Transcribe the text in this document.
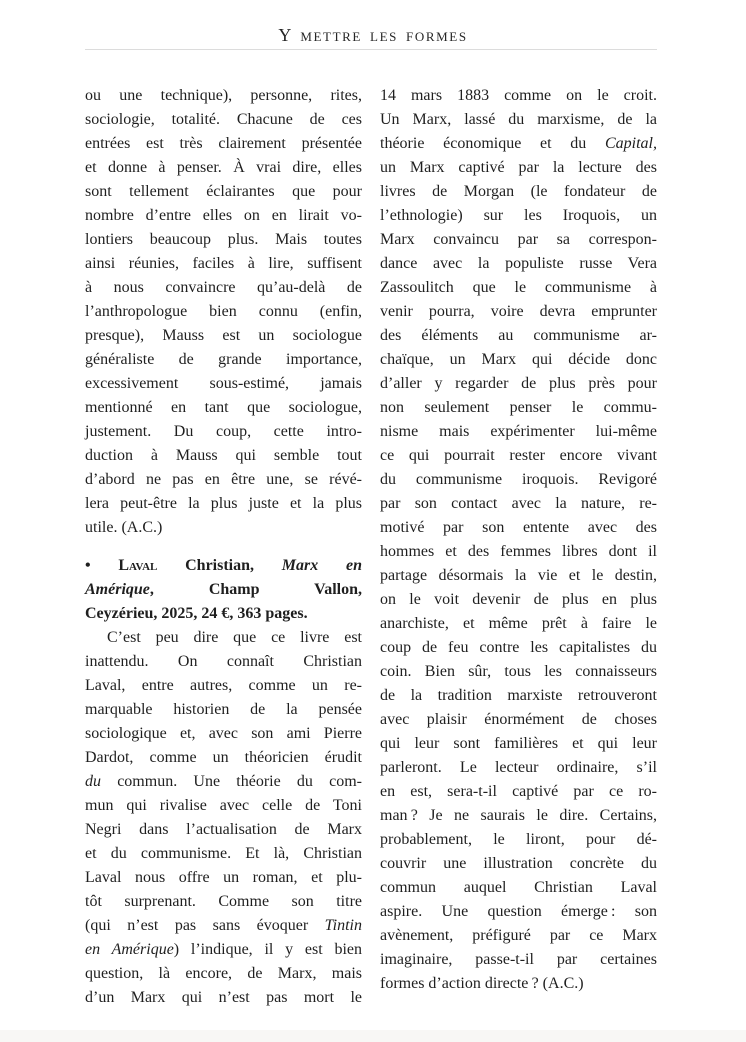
Y mettre les formes
ou une technique), personne, rites,
sociologie, totalité. Chacune de ces
entrées est très clairement présentée
et donne à penser. À vrai dire, elles
sont tellement éclairantes que pour
nombre d’entre elles on en lirait vo-
lontiers beaucoup plus. Mais toutes
ainsi réunies, faciles à lire, suffisent
à nous convaincre qu’au-delà de
l’anthropologue bien connu (enfin,
presque), Mauss est un sociologue
généraliste de grande importance,
excessivement sous-estimé, jamais
mentionné en tant que sociologue,
justement. Du coup, cette intro-
duction à Mauss qui semble tout
d’abord ne pas en être une, se révé-
lera peut-être la plus juste et la plus
utile. (A.C.)
• Laval Christian, Marx en
Amérique, Champ Vallon,
Ceyzérieu, 2025, 24 €, 363 pages.
C’est peu dire que ce livre est
inattendu. On connaît Christian
Laval, entre autres, comme un re-
marquable historien de la pensée
sociologique et, avec son ami Pierre
Dardot, comme un théoricien érudit
du commun. Une théorie du com-
mun qui rivalise avec celle de Toni
Negri dans l’actualisation de Marx
et du communisme. Et là, Christian
Laval nous offre un roman, et plu-
tôt surprenant. Comme son titre
(qui n’est pas sans évoquer Tintin
en Amérique) l’indique, il y est bien
question, là encore, de Marx, mais
d’un Marx qui n’est pas mort le
14 mars 1883 comme on le croit.
Un Marx, lassé du marxisme, de la
théorie économique et du Capital,
un Marx captivé par la lecture des
livres de Morgan (le fondateur de
l’ethnologie) sur les Iroquois, un
Marx convaincu par sa correspon-
dance avec la populiste russe Vera
Zassoulitch que le communisme à
venir pourra, voire devra emprunter
des éléments au communisme ar-
chaïque, un Marx qui décide donc
d’aller y regarder de plus près pour
non seulement penser le commu-
nisme mais expérimenter lui-même
ce qui pourrait rester encore vivant
du communisme iroquois. Revigoré
par son contact avec la nature, re-
motivé par son entente avec des
hommes et des femmes libres dont il
partage désormais la vie et le destin,
on le voit devenir de plus en plus
anarchiste, et même prêt à faire le
coup de feu contre les capitalistes du
coin. Bien sûr, tous les connaisseurs
de la tradition marxiste retrouveront
avec plaisir énormément de choses
qui leur sont familières et qui leur
parleront. Le lecteur ordinaire, s’il
en est, sera-t-il captivé par ce ro-
man ? Je ne saurais le dire. Certains,
probablement, le liront, pour dé-
couvrir une illustration concrète du
commun auquel Christian Laval
aspire. Une question émerge : son
avènement, préfiguré par ce Marx
imaginaire, passe-t-il par certaines
formes d’action directe ? (A.C.)
